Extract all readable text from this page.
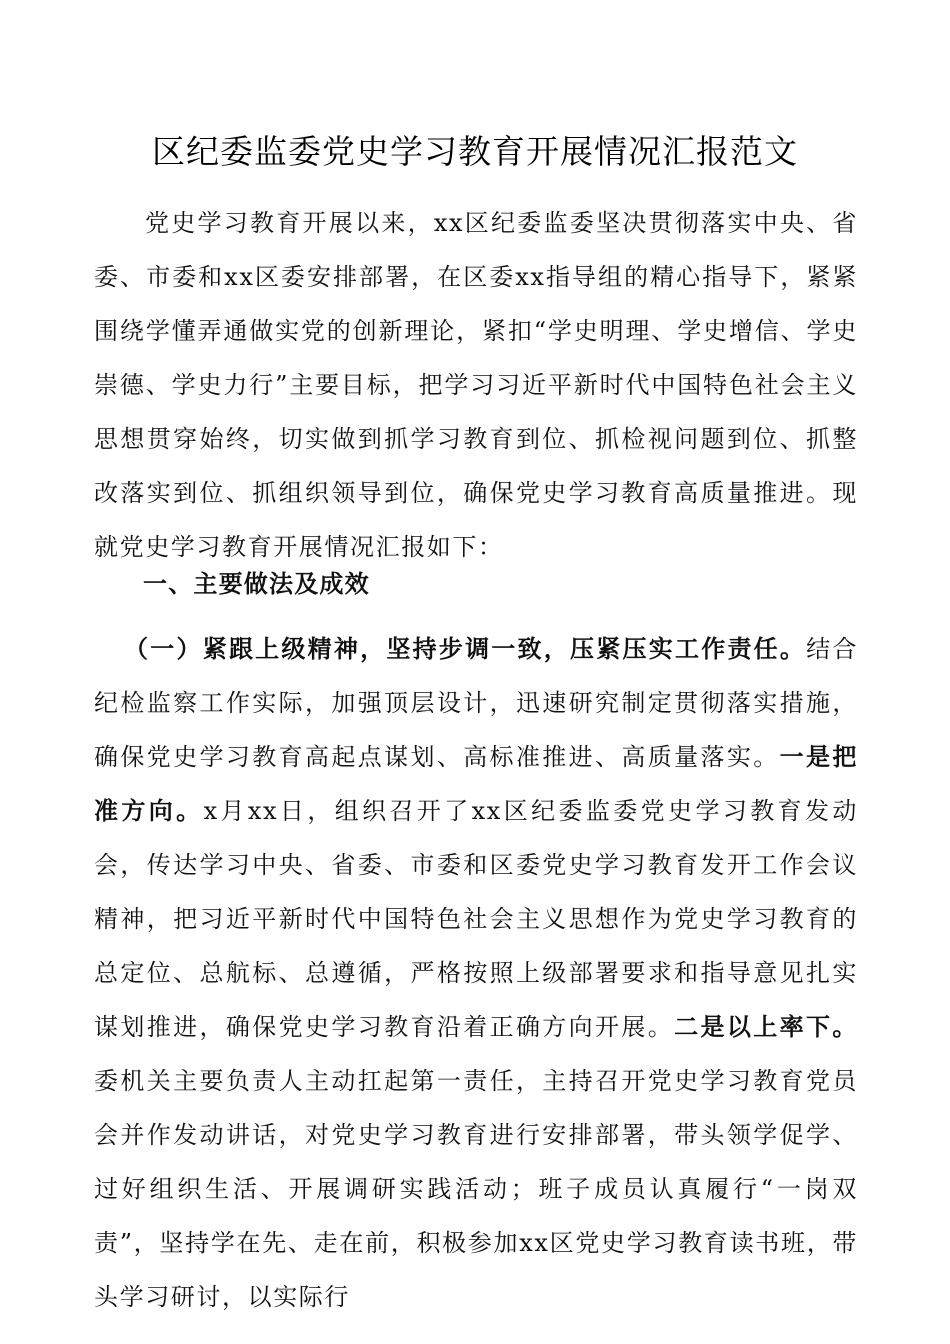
区纪委监委党史学习教育开展情况汇报范文

党史学习教育开展以来，xx区纪委监委坚决贯彻落实中央、省委、市委和xx区委安排部署，在区委xx指导组的精心指导下，紧紧围绕学懂弄通做实党的创新理论，紧扣“学史明理、学史增信、学史崇德、学史力行”主要目标，把学习习近平新时代中国特色社会主义思想贯穿始终，切实做到抓学习教育到位、抓检视问题到位、抓整改落实到位、抓组织领导到位，确保党史学习教育高质量推进。现就党史学习教育开展情况汇报如下：

一、主要做法及成效

（一）紧跟上级精神，坚持步调一致，压紧压实工作责任。结合纪检监察工作实际，加强顶层设计，迅速研究制定贯彻落实措施，确保党史学习教育高起点谋划、高标准推进、高质量落实。一是把准方向。x月xx日，组织召开了xx区纪委监委党史学习教育发动会，传达学习中央、省委、市委和区委党史学习教育发开工作会议精神，把习近平新时代中国特色社会主义思想作为党史学习教育的总定位、总航标、总遵循，严格按照上级部署要求和指导意见扎实谋划推进，确保党史学习教育沿着正确方向开展。二是以上率下。委机关主要负责人主动扛起第一责任，主持召开党史学习教育党员会并作发动讲话，对党史学习教育进行安排部署，带头领学促学、过好组织生活、开展调研实践活动；班子成员认真履行“一岗双责”，坚持学在先、走在前，积极参加xx区党史学习教育读书班，带头学习研讨，以实际行
